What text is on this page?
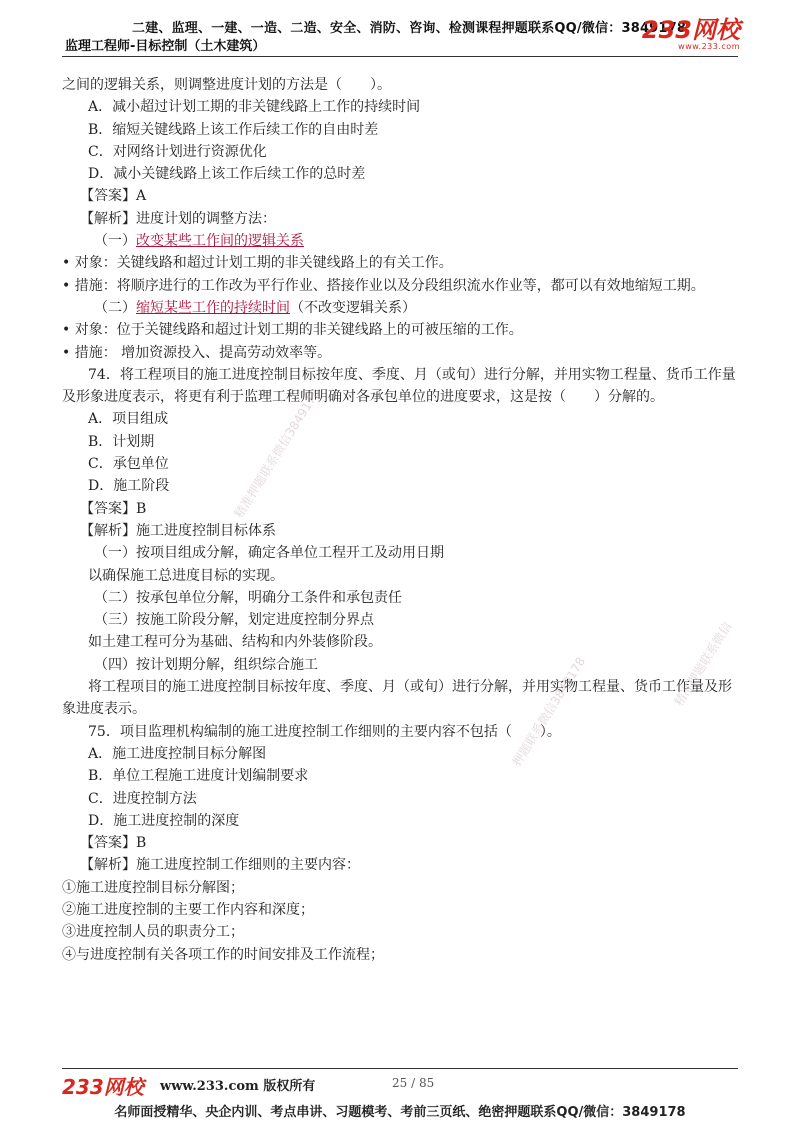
二建、监理、一建、一造、二造、安全、消防、咨询、检测课程押题联系QQ/微信：3849178
监理工程师-目标控制（土木建筑）
233网校
www.233.com
之间的逻辑关系，则调整进度计划的方法是（　　）。
A．减小超过计划工期的非关键线路上工作的持续时间
B．缩短关键线路上该工作后续工作的自由时差
C．对网络计划进行资源优化
D．减小关键线路上该工作后续工作的总时差
【答案】A
【解析】进度计划的调整方法：
（一）改变某些工作间的逻辑关系
• 对象：关键线路和超过计划工期的非关键线路上的有关工作。
• 措施：将顺序进行的工作改为平行作业、搭接作业以及分段组织流水作业等，都可以有效地缩短工期。
（二）缩短某些工作的持续时间（不改变逻辑关系）
• 对象：位于关键线路和超过计划工期的非关键线路上的可被压缩的工作。
• 措施： 增加资源投入、提高劳动效率等。
74．将工程项目的施工进度控制目标按年度、季度、月（或旬）进行分解，并用实物工程量、货币工作量及形象进度表示，将更有利于监理工程师明确对各承包单位的进度要求，这是按（　　）分解的。
A．项目组成
B．计划期
C．承包单位
D．施工阶段
【答案】B
【解析】施工进度控制目标体系
（一）按项目组成分解，确定各单位工程开工及动用日期
以确保施工总进度目标的实现。
（二）按承包单位分解，明确分工条件和承包责任
（三）按施工阶段分解，划定进度控制分界点
如土建工程可分为基础、结构和内外装修阶段。
（四）按计划期分解，组织综合施工
将工程项目的施工进度控制目标按年度、季度、月（或旬）进行分解，并用实物工程量、货币工作量及形象进度表示。
75．项目监理机构编制的施工进度控制工作细则的主要内容不包括（　　）。
A．施工进度控制目标分解图
B．单位工程施工进度计划编制要求
C．进度控制方法
D．施工进度控制的深度
【答案】B
【解析】施工进度控制工作细则的主要内容：
①施工进度控制目标分解图；
②施工进度控制的主要工作内容和深度；
③进度控制人员的职责分工；
④与进度控制有关各项工作的时间安排及工作流程；
精准押题联系微信3849178
押题联系微信3849178	精准押题联系微信
233网校 www.233.com 版权所有	25 / 85
名师面授精华、央企内训、考点串讲、习题模考、考前三页纸、绝密押题联系QQ/微信：3849178
